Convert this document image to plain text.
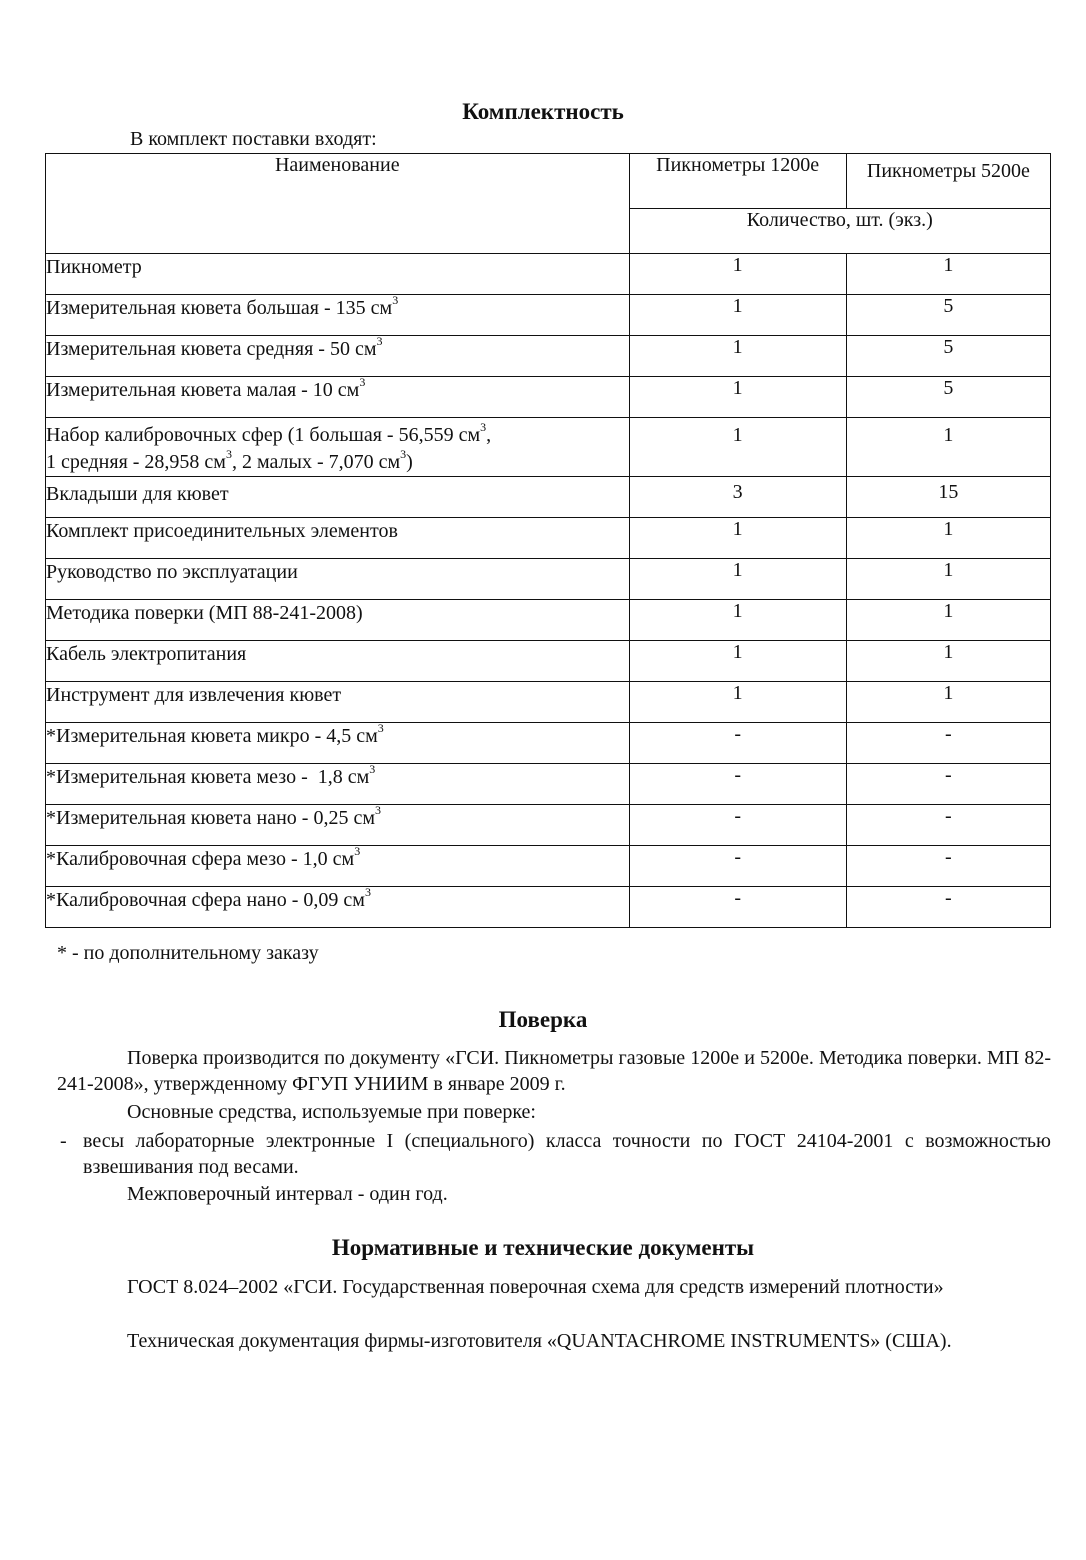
Комплектность
В комплект поставки входят:
Наименование	Пикнометры 1200е	Пикнометры 5200е
	Количество, шт. (экз.)	
Пикнометр	1	1
Измерительная кювета большая - 135 $см^3$	1	5
Измерительная кювета средняя - 50 $см^3$	1	5
Измерительная кювета малая - 10 $см^3$	1	5
Набор калибровочных сфер (1 большая - 56,559 $см^3$,
1 средняя - 28,958 $см^3$, 2 малых - 7,070 $см^3$)	1	1
Вкладыши для кювет	3	15
Комплект присоединительных элементов	1	1
Руководство по эксплуатации	1	1
Методика поверки (МП 88-241-2008)	1	1
Кабель электропитания	1	1
Инструмент для извлечения кювет	1	1
*Измерительная кювета микро - 4,5 $см^3$	-	-
*Измерительная кювета мезо -  1,8 $см^3$	-	-
*Измерительная кювета нано - 0,25 $см^3$	-	-
*Калибровочная сфера мезо - 1,0 $см^3$	-	-
*Калибровочная сфера нано - 0,09 $см^3$	-	-
* - по дополнительному заказу
Поверка
Поверка производится по документу «ГСИ. Пикнометры газовые 1200е и 5200е. Методика поверки. МП 82-241-2008», утвержденному ФГУП УНИИМ в январе 2009 г.
Основные средства, используемые при поверке:
- весы лабораторные электронные I (специального) класса точности по ГОСТ 24104-2001 с возможностью взвешивания под весами.
Межповерочный интервал - один год.
Нормативные и технические документы
ГОСТ 8.024–2002 «ГСИ. Государственная поверочная схема для средств измерений плотности»
Техническая документация фирмы-изготовителя «QUANTACHROME INSTRUMENTS» (США).
